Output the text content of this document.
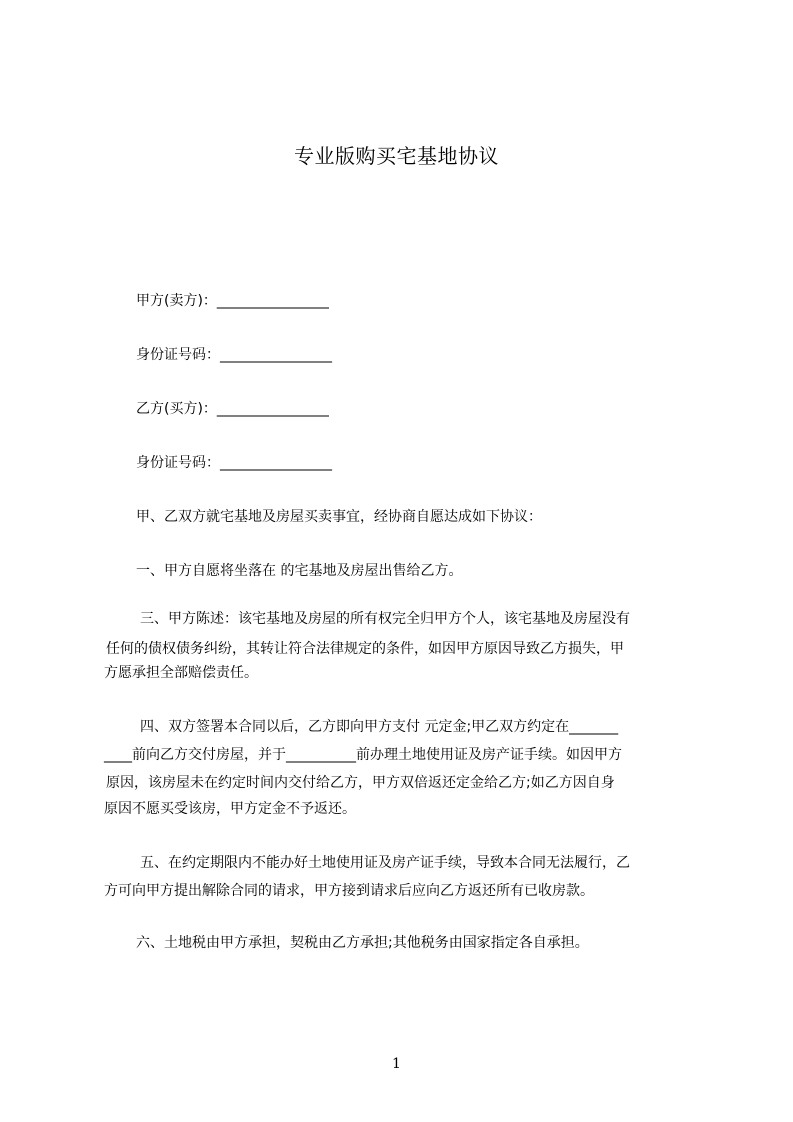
专业版购买宅基地协议
甲方(卖方)：________________
身份证号码：________________
乙方(买方)：________________
身份证号码：________________
甲、乙双方就宅基地及房屋买卖事宜，经协商自愿达成如下协议：
一、甲方自愿将坐落在 的宅基地及房屋出售给乙方。
三、甲方陈述：该宅基地及房屋的所有权完全归甲方个人，该宅基地及房屋没有
任何的债权债务纠纷，其转让符合法律规定的条件，如因甲方原因导致乙方损失，甲
方愿承担全部赔偿责任。
四、双方签署本合同以后，乙方即向甲方支付 元定金;甲乙双方约定在_______
____前向乙方交付房屋，并于__________前办理土地使用证及房产证手续。如因甲方
原因，该房屋未在约定时间内交付给乙方，甲方双倍返还定金给乙方;如乙方因自身
原因不愿买受该房，甲方定金不予返还。
五、在约定期限内不能办好土地使用证及房产证手续，导致本合同无法履行，乙
方可向甲方提出解除合同的请求，甲方接到请求后应向乙方返还所有已收房款。
六、土地税由甲方承担，契税由乙方承担;其他税务由国家指定各自承担。
1
